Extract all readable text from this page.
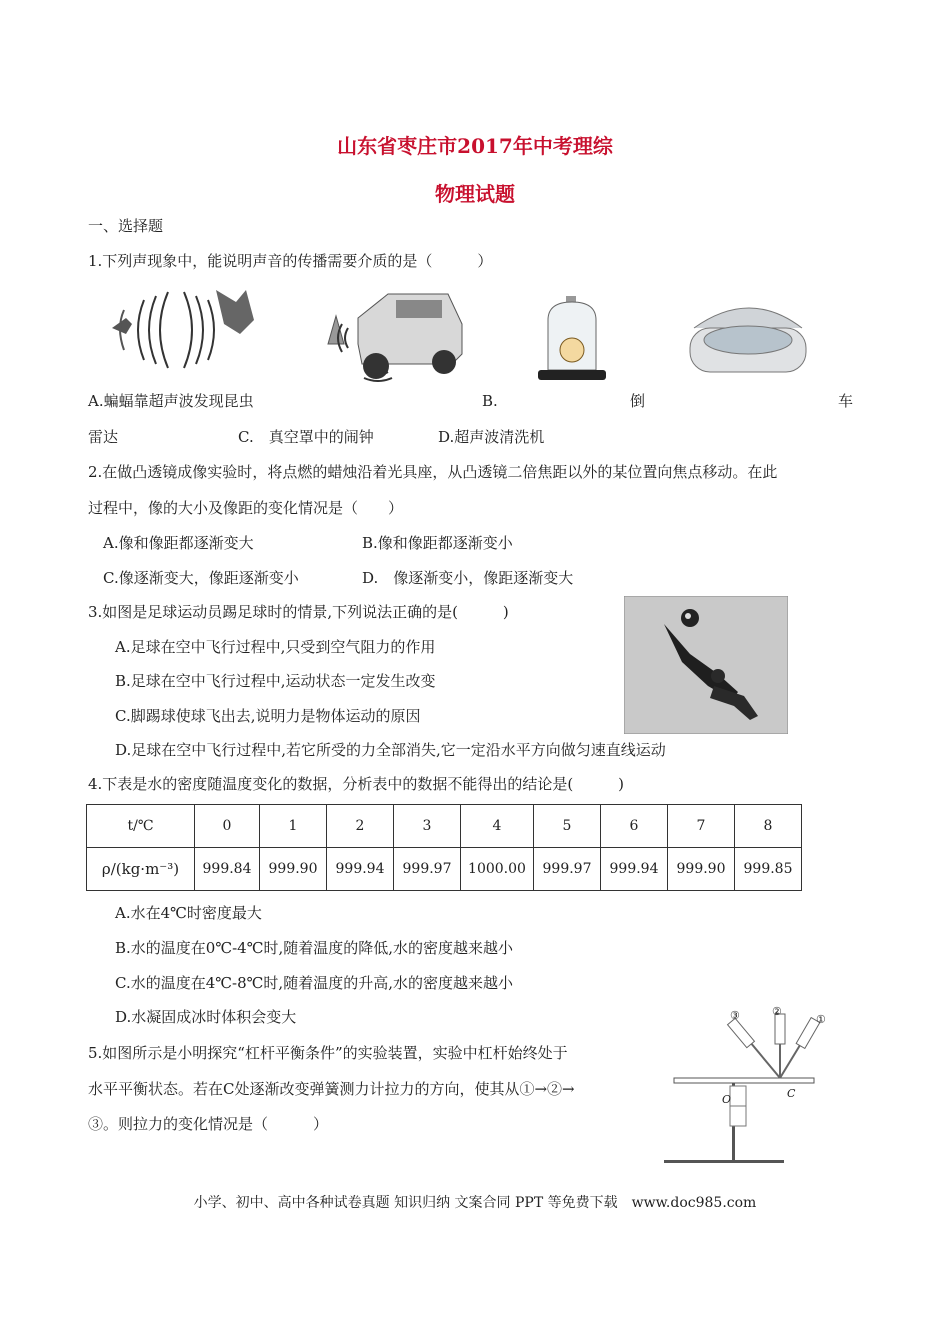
山东省枣庄市2017年中考理综
物理试题
一、选择题
1.下列声现象中，能说明声音的传播需要介质的是（　　　）
A.蝙蝠靠超声波发现昆虫	B.	倒	车
雷达	C.　真空罩中的闹钟	D.超声波清洗机
2.在做凸透镜成像实验时，将点燃的蜡烛沿着光具座，从凸透镜二倍焦距以外的某位置向焦点移动。在此
过程中，像的大小及像距的变化情况是（　　）
A.像和像距都逐渐变大	B.像和像距都逐渐变小
C.像逐渐变大，像距逐渐变小	D.　像逐渐变小，像距逐渐变大
3.如图是足球运动员踢足球时的情景,下列说法正确的是(　　　)
A.足球在空中飞行过程中,只受到空气阻力的作用
B.足球在空中飞行过程中,运动状态一定发生改变
C.脚踢球使球飞出去,说明力是物体运动的原因
D.足球在空中飞行过程中,若它所受的力全部消失,它一定沿水平方向做匀速直线运动
4.下表是水的密度随温度变化的数据，分析表中的数据不能得出的结论是(　　　)
t/℃	0	1	2	3	4	5	6	7	8
ρ/(kg·m⁻³)	999.84	999.90	999.94	999.97	1000.00	999.97	999.94	999.90	999.85
A.水在4℃时密度最大
B.水的温度在0℃-4℃时,随着温度的降低,水的密度越来越小
C.水的温度在4℃-8℃时,随着温度的升高,水的密度越来越小
D.水凝固成冰时体积会变大
5.如图所示是小明探究“杠杆平衡条件”的实验装置，实验中杠杆始终处于
水平平衡状态。若在C处逐渐改变弹簧测力计拉力的方向，使其从①→②→
③。则拉力的变化情况是（　　　）
O	C
③	②
①
小学、初中、高中各种试卷真题 知识归纳 文案合同 PPT 等免费下载　www.doc985.com
